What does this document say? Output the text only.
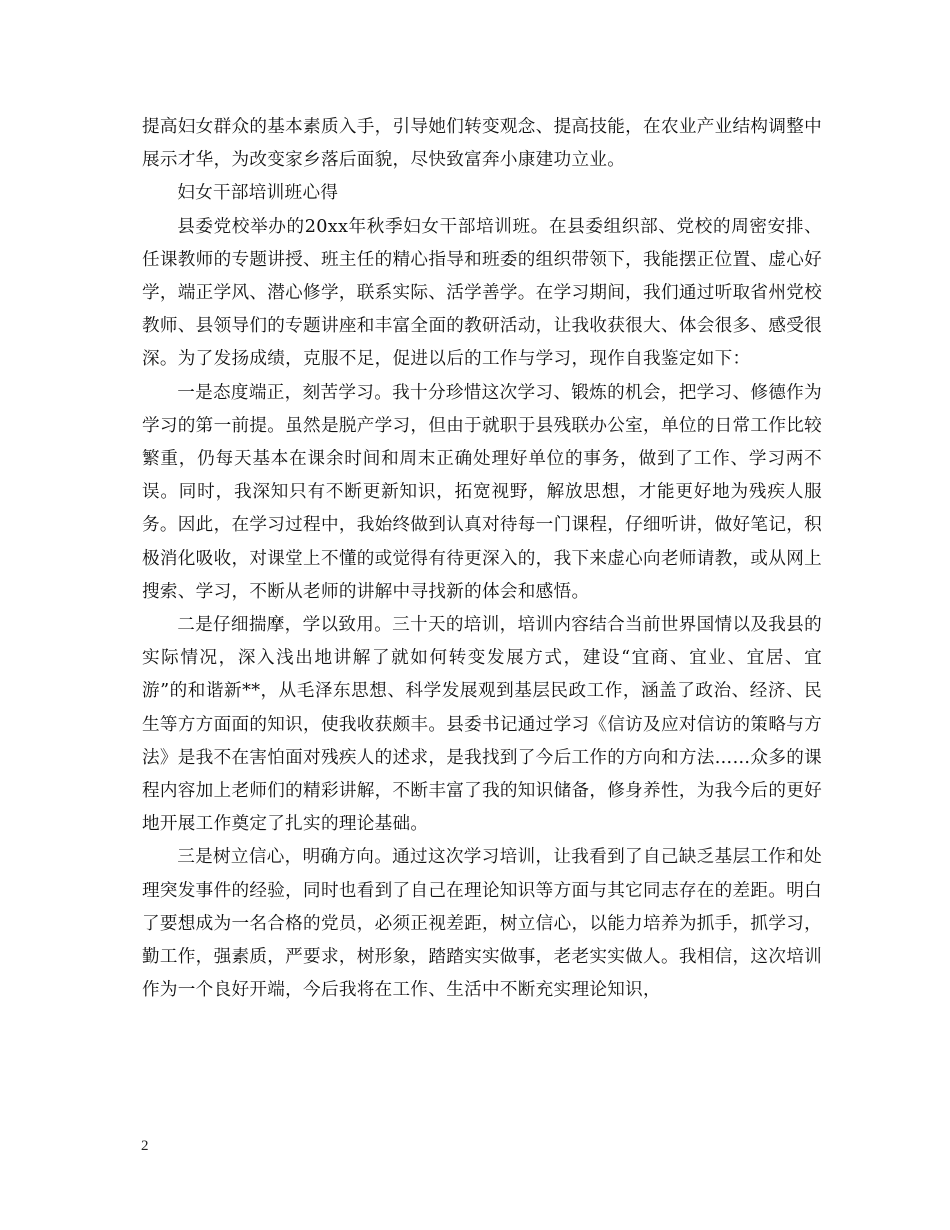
提高妇女群众的基本素质入手，引导她们转变观念、提高技能，在农业产业结构调整中展示才华，为改变家乡落后面貌，尽快致富奔小康建功立业。

妇女干部培训班心得

县委党校举办的20xx年秋季妇女干部培训班。在县委组织部、党校的周密安排、任课教师的专题讲授、班主任的精心指导和班委的组织带领下，我能摆正位置、虚心好学，端正学风、潜心修学，联系实际、活学善学。在学习期间，我们通过听取省州党校教师、县领导们的专题讲座和丰富全面的教研活动，让我收获很大、体会很多、感受很深。为了发扬成绩，克服不足，促进以后的工作与学习，现作自我鉴定如下：

一是态度端正，刻苦学习。我十分珍惜这次学习、锻炼的机会，把学习、修德作为学习的第一前提。虽然是脱产学习，但由于就职于县残联办公室，单位的日常工作比较繁重，仍每天基本在课余时间和周末正确处理好单位的事务，做到了工作、学习两不误。同时，我深知只有不断更新知识，拓宽视野，解放思想，才能更好地为残疾人服务。因此，在学习过程中，我始终做到认真对待每一门课程，仔细听讲，做好笔记，积极消化吸收，对课堂上不懂的或觉得有待更深入的，我下来虚心向老师请教，或从网上搜索、学习，不断从老师的讲解中寻找新的体会和感悟。

二是仔细揣摩，学以致用。三十天的培训，培训内容结合当前世界国情以及我县的实际情况，深入浅出地讲解了就如何转变发展方式，建设“宜商、宜业、宜居、宜游”的和谐新**，从毛泽东思想、科学发展观到基层民政工作，涵盖了政治、经济、民生等方方面面的知识，使我收获颇丰。县委书记通过学习《信访及应对信访的策略与方法》是我不在害怕面对残疾人的述求，是我找到了今后工作的方向和方法……众多的课程内容加上老师们的精彩讲解，不断丰富了我的知识储备，修身养性，为我今后的更好地开展工作奠定了扎实的理论基础。

三是树立信心，明确方向。通过这次学习培训，让我看到了自己缺乏基层工作和处理突发事件的经验，同时也看到了自己在理论知识等方面与其它同志存在的差距。明白了要想成为一名合格的党员，必须正视差距，树立信心，以能力培养为抓手，抓学习，勤工作，强素质，严要求，树形象，踏踏实实做事，老老实实做人。我相信，这次培训作为一个良好开端，今后我将在工作、生活中不断充实理论知识，

2
